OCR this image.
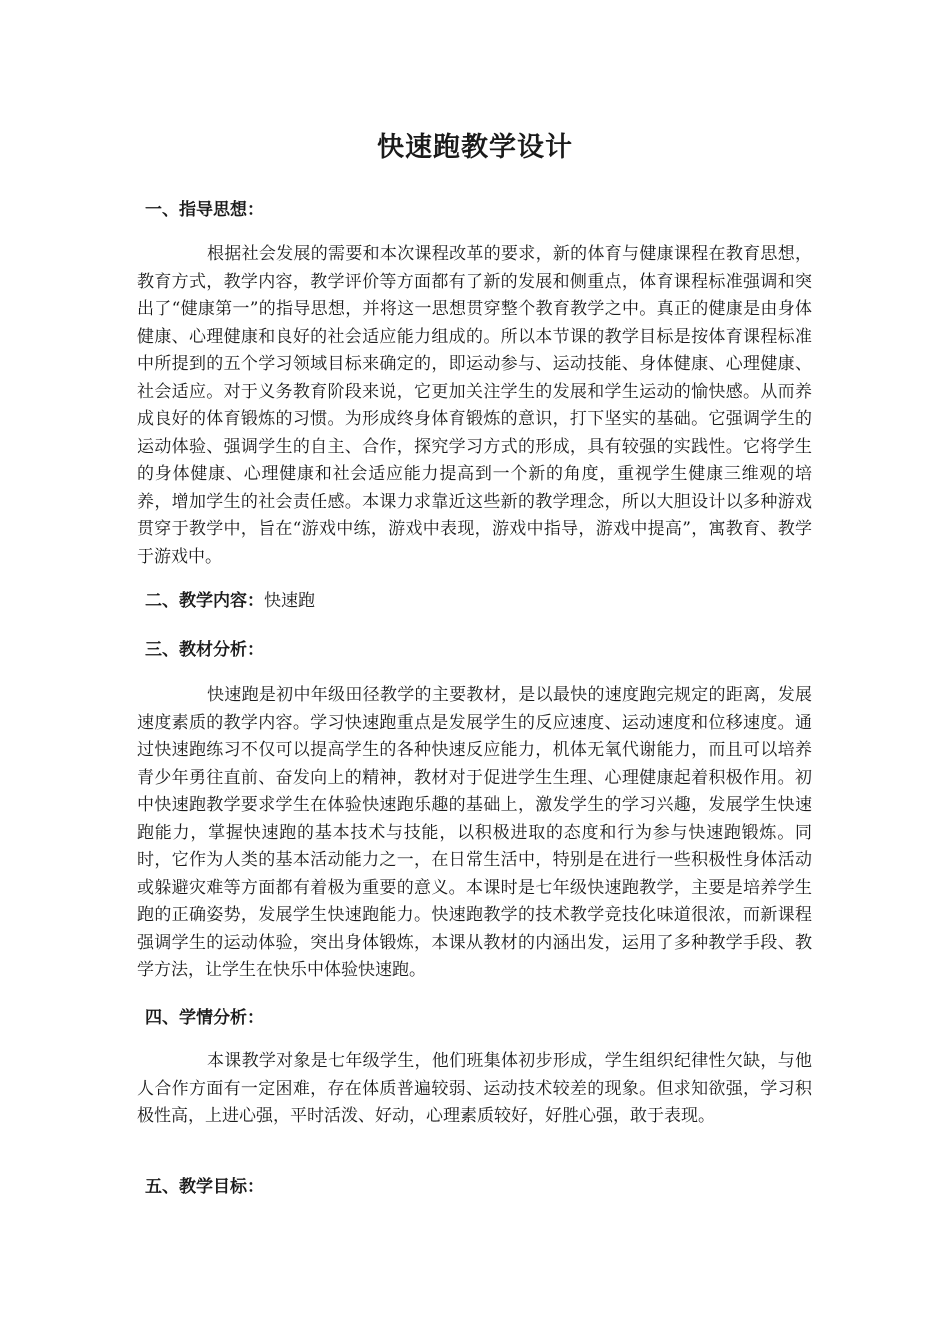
快速跑教学设计
一、指导思想：

根据社会发展的需要和本次课程改革的要求，新的体育与健康课程在教育思想，教育方式，教学内容，教学评价等方面都有了新的发展和侧重点，体育课程标准强调和突出了“健康第一”的指导思想，并将这一思想贯穿整个教育教学之中。真正的健康是由身体健康、心理健康和良好的社会适应能力组成的。所以本节课的教学目标是按体育课程标准中所提到的五个学习领域目标来确定的，即运动参与、运动技能、身体健康、心理健康、社会适应。对于义务教育阶段来说，它更加关注学生的发展和学生运动的愉快感。从而养成良好的体育锻炼的习惯。为形成终身体育锻炼的意识，打下坚实的基础。它强调学生的运动体验、强调学生的自主、合作，探究学习方式的形成，具有较强的实践性。它将学生的身体健康、心理健康和社会适应能力提高到一个新的角度，重视学生健康三维观的培养，增加学生的社会责任感。本课力求靠近这些新的教学理念，所以大胆设计以多种游戏贯穿于教学中，旨在“游戏中练，游戏中表现，游戏中指导，游戏中提高”，寓教育、教学于游戏中。

二、教学内容：快速跑
三、教材分析：

快速跑是初中年级田径教学的主要教材，是以最快的速度跑完规定的距离，发展速度素质的教学内容。学习快速跑重点是发展学生的反应速度、运动速度和位移速度。通过快速跑练习不仅可以提高学生的各种快速反应能力，机体无氧代谢能力，而且可以培养青少年勇往直前、奋发向上的精神，教材对于促进学生生理、心理健康起着积极作用。初中快速跑教学要求学生在体验快速跑乐趣的基础上，激发学生的学习兴趣，发展学生快速跑能力，掌握快速跑的基本技术与技能，以积极进取的态度和行为参与快速跑锻炼。同时，它作为人类的基本活动能力之一，在日常生活中，特别是在进行一些积极性身体活动或躲避灾难等方面都有着极为重要的意义。本课时是七年级快速跑教学，主要是培养学生跑的正确姿势，发展学生快速跑能力。快速跑教学的技术教学竞技化味道很浓，而新课程强调学生的运动体验，突出身体锻炼，本课从教材的内涵出发，运用了多种教学手段、教学方法，让学生在快乐中体验快速跑。

四、学情分析：

本课教学对象是七年级学生，他们班集体初步形成，学生组织纪律性欠缺，与他人合作方面有一定困难，存在体质普遍较弱、运动技术较差的现象。但求知欲强，学习积极性高，上进心强，平时活泼、好动，心理素质较好，好胜心强，敢于表现。

五、教学目标：
